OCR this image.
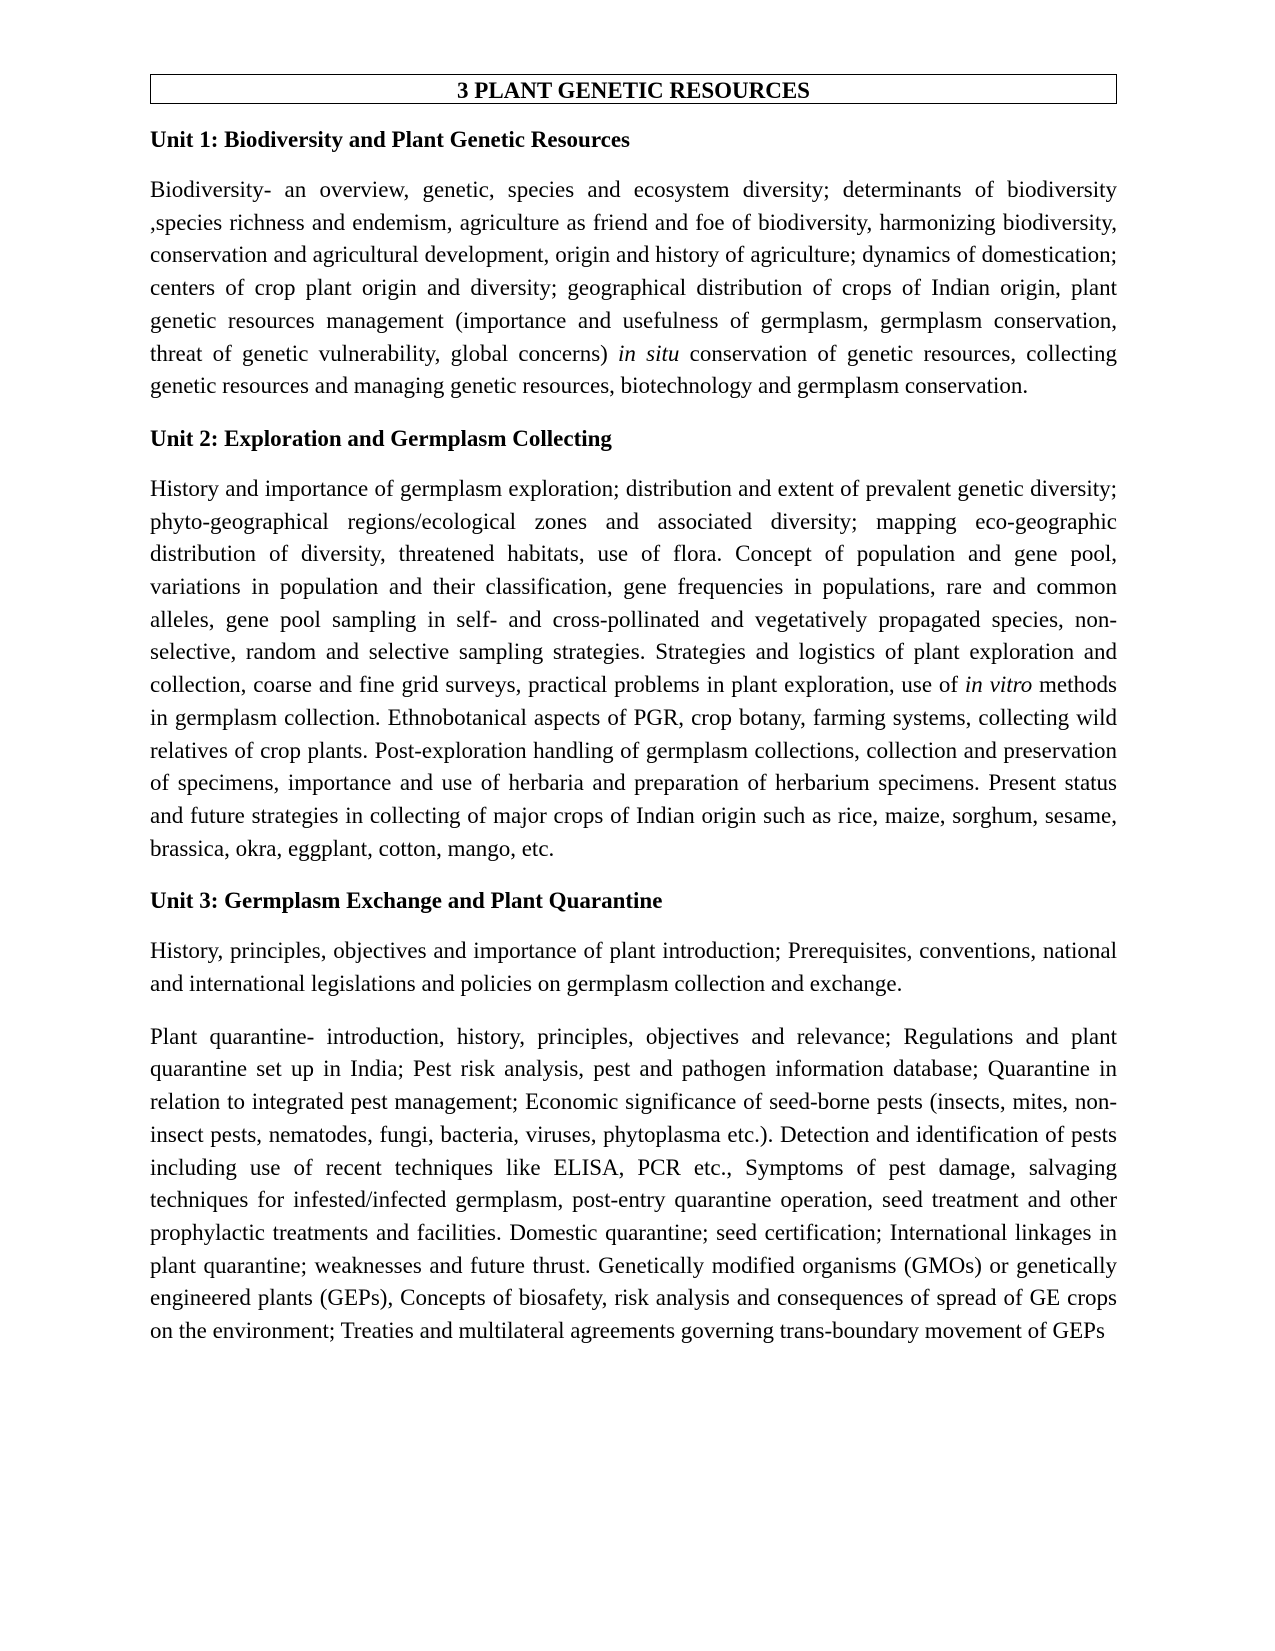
3 PLANT GENETIC RESOURCES
Unit 1: Biodiversity and Plant Genetic Resources

Biodiversity- an overview, genetic, species and ecosystem diversity; determinants of biodiversity ,species richness and endemism, agriculture as friend and foe of biodiversity, harmonizing biodiversity, conservation and agricultural development, origin and history of agriculture; dynamics of domestication; centers of crop plant origin and diversity; geographical distribution of crops of Indian origin, plant genetic resources management (importance and usefulness of germplasm, germplasm conservation, threat of genetic vulnerability, global concerns) in situ conservation of genetic resources, collecting genetic resources and managing genetic resources, biotechnology and germplasm conservation.

Unit 2: Exploration and Germplasm Collecting

History and importance of germplasm exploration; distribution and extent of prevalent genetic diversity; phyto-geographical regions/ecological zones and associated diversity; mapping eco-geographic distribution of diversity, threatened habitats, use of flora. Concept of population and gene pool, variations in population and their classification, gene frequencies in populations, rare and common alleles, gene pool sampling in self- and cross-pollinated and vegetatively propagated species, non-selective, random and selective sampling strategies. Strategies and logistics of plant exploration and collection, coarse and fine grid surveys, practical problems in plant exploration, use of in vitro methods in germplasm collection. Ethnobotanical aspects of PGR, crop botany, farming systems, collecting wild relatives of crop plants. Post-exploration handling of germplasm collections, collection and preservation of specimens, importance and use of herbaria and preparation of herbarium specimens. Present status and future strategies in collecting of major crops of Indian origin such as rice, maize, sorghum, sesame, brassica, okra, eggplant, cotton, mango, etc.

Unit 3: Germplasm Exchange and Plant Quarantine

History, principles, objectives and importance of plant introduction; Prerequisites, conventions, national and international legislations and policies on germplasm collection and exchange.

Plant quarantine- introduction, history, principles, objectives and relevance; Regulations and plant quarantine set up in India; Pest risk analysis, pest and pathogen information database; Quarantine in relation to integrated pest management; Economic significance of seed-borne pests (insects, mites, non-insect pests, nematodes, fungi, bacteria, viruses, phytoplasma etc.). Detection and identification of pests including use of recent techniques like ELISA, PCR etc., Symptoms of pest damage, salvaging techniques for infested/infected germplasm, post-entry quarantine operation, seed treatment and other prophylactic treatments and facilities. Domestic quarantine; seed certification; International linkages in plant quarantine; weaknesses and future thrust. Genetically modified organisms (GMOs) or genetically engineered plants (GEPs), Concepts of biosafety, risk analysis and consequences of spread of GE crops on the environment; Treaties and multilateral agreements governing trans-boundary movement of GEPs
